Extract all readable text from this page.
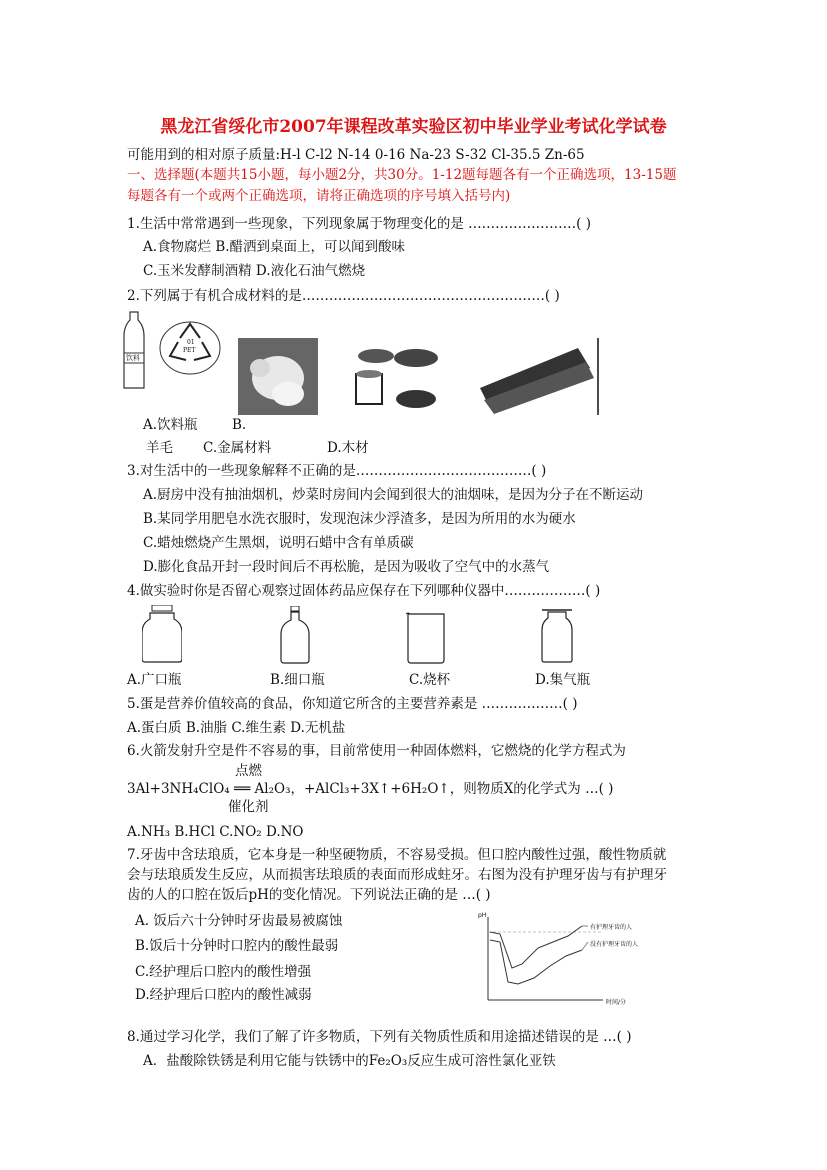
黑龙江省绥化市2007年课程改革实验区初中毕业学业考试化学试卷
可能用到的相对原子质量:H-l C-l2 N-14 0-16 Na-23 S-32 Cl-35.5 Zn-65
一、选择题(本题共15小题，每小题2分，共30分。1-12题每题各有一个正确选项，13-15题
每题各有一个或两个正确选项，请将正确选项的序号填入括号内)
1.生活中常常遇到一些现象，下列现象属于物理变化的是 ……………………( )
A.食物腐烂 B.醋洒到桌面上，可以闻到酸味
C.玉米发酵制酒精 D.液化石油气燃烧
2.下列属于有机合成材料的是………………………………………………( )
饮料
01
PET
A.饮料瓶	B.
羊毛 C.金属材料	D.木材
3.对生活中的一些现象解释不正确的是…………………………………( )
A.厨房中没有抽油烟机，炒菜时房间内会闻到很大的油烟味，是因为分子在不断运动
B.某同学用肥皂水洗衣服时，发现泡沫少浮渣多，是因为所用的水为硬水
C.蜡烛燃烧产生黑烟，说明石蜡中含有单质碳
D.膨化食品开封一段时间后不再松脆，是因为吸收了空气中的水蒸气
4.做实验时你是否留心观察过固体药品应保存在下列哪种仪器中………………( )
A.广口瓶	B.细口瓶	C.烧杯	D.集气瓶
5.蛋是营养价值较高的食品，你知道它所含的主要营养素是 ………………( )
A.蛋白质 B.油脂 C.维生素 D.无机盐
6.火箭发射升空是件不容易的事，目前常使用一种固体燃料，它燃烧的化学方程式为
点燃
3Al+3NH₄ClO₄ ══ Al₂O₃，+AlCl₃+3X↑+6H₂O↑，则物质X的化学式为 …( )
催化剂
A.NH₃ B.HCl C.NO₂ D.NO
7.牙齿中含珐琅质，它本身是一种坚硬物质，不容易受损。但口腔内酸性过强，酸性物质就
会与珐琅质发生反应，从而损害珐琅质的表面而形成蛀牙。右图为没有护理牙齿与有护理牙
齿的人的口腔在饭后pH的变化情况。下列说法正确的是 …( )
A. 饭后六十分钟时牙齿最易被腐蚀
B.饭后十分钟时口腔内的酸性最弱
C.经护理后口腔内的酸性增强
D.经护理后口腔内的酸性减弱
pH
有护理牙齿的人
没有护理牙齿的人
时间/分
8.通过学习化学，我们了解了许多物质，下列有关物质性质和用途描述错误的是 …( )
A．盐酸除铁锈是利用它能与铁锈中的Fe₂O₃反应生成可溶性氯化亚铁
